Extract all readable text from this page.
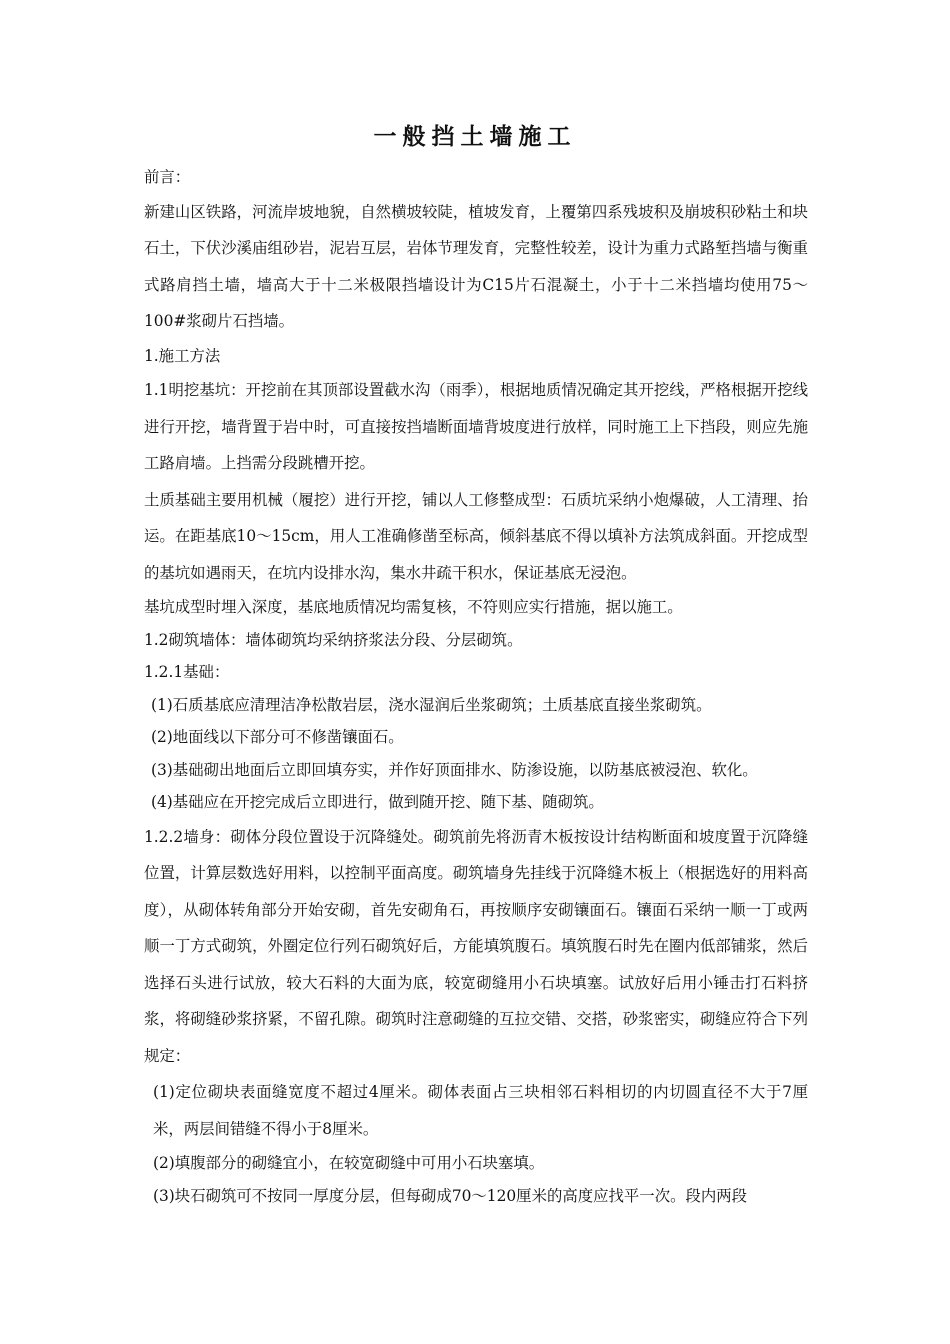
一般挡土墙施工

前言：

新建山区铁路，河流岸坡地貌，自然横坡较陡，植坡发育，上覆第四系残坡积及崩坡积砂粘土和块石土，下伏沙溪庙组砂岩，泥岩互层，岩体节理发育，完整性较差，设计为重力式路堑挡墙与衡重式路肩挡土墙，墙高大于十二米极限挡墙设计为C15片石混凝土，小于十二米挡墙均使用75～100#浆砌片石挡墙。

1.施工方法

1.1明挖基坑：开挖前在其顶部设置截水沟（雨季），根据地质情况确定其开挖线，严格根据开挖线进行开挖，墙背置于岩中时，可直接按挡墙断面墙背坡度进行放样，同时施工上下挡段，则应先施工路肩墙。上挡需分段跳槽开挖。

土质基础主要用机械（履挖）进行开挖，铺以人工修整成型：石质坑采纳小炮爆破，人工清理、抬运。在距基底10～15cm，用人工准确修凿至标高，倾斜基底不得以填补方法筑成斜面。开挖成型的基坑如遇雨天，在坑内设排水沟，集水井疏干积水，保证基底无浸泡。

基坑成型时埋入深度，基底地质情况均需复核，不符则应实行措施，据以施工。

1.2砌筑墙体：墙体砌筑均采纳挤浆法分段、分层砌筑。

1.2.1基础：

(1)石质基底应清理洁净松散岩层，浇水湿润后坐浆砌筑；土质基底直接坐浆砌筑。

(2)地面线以下部分可不修凿镶面石。

(3)基础砌出地面后立即回填夯实，并作好顶面排水、防渗设施，以防基底被浸泡、软化。

(4)基础应在开挖完成后立即进行，做到随开挖、随下基、随砌筑。

1.2.2墙身：砌体分段位置设于沉降缝处。砌筑前先将沥青木板按设计结构断面和坡度置于沉降缝位置，计算层数选好用料，以控制平面高度。砌筑墙身先挂线于沉降缝木板上（根据选好的用料高度），从砌体转角部分开始安砌，首先安砌角石，再按顺序安砌镶面石。镶面石采纳一顺一丁或两顺一丁方式砌筑，外圈定位行列石砌筑好后，方能填筑腹石。填筑腹石时先在圈内低部铺浆，然后选择石头进行试放，较大石料的大面为底，较宽砌缝用小石块填塞。试放好后用小锤击打石料挤浆，将砌缝砂浆挤紧，不留孔隙。砌筑时注意砌缝的互拉交错、交搭，砂浆密实，砌缝应符合下列规定：

(1)定位砌块表面缝宽度不超过4厘米。砌体表面占三块相邻石料相切的内切圆直径不大于7厘米，两层间错缝不得小于8厘米。

(2)填腹部分的砌缝宜小，在较宽砌缝中可用小石块塞填。

(3)块石砌筑可不按同一厚度分层，但每砌成70～120厘米的高度应找平一次。段内两段
